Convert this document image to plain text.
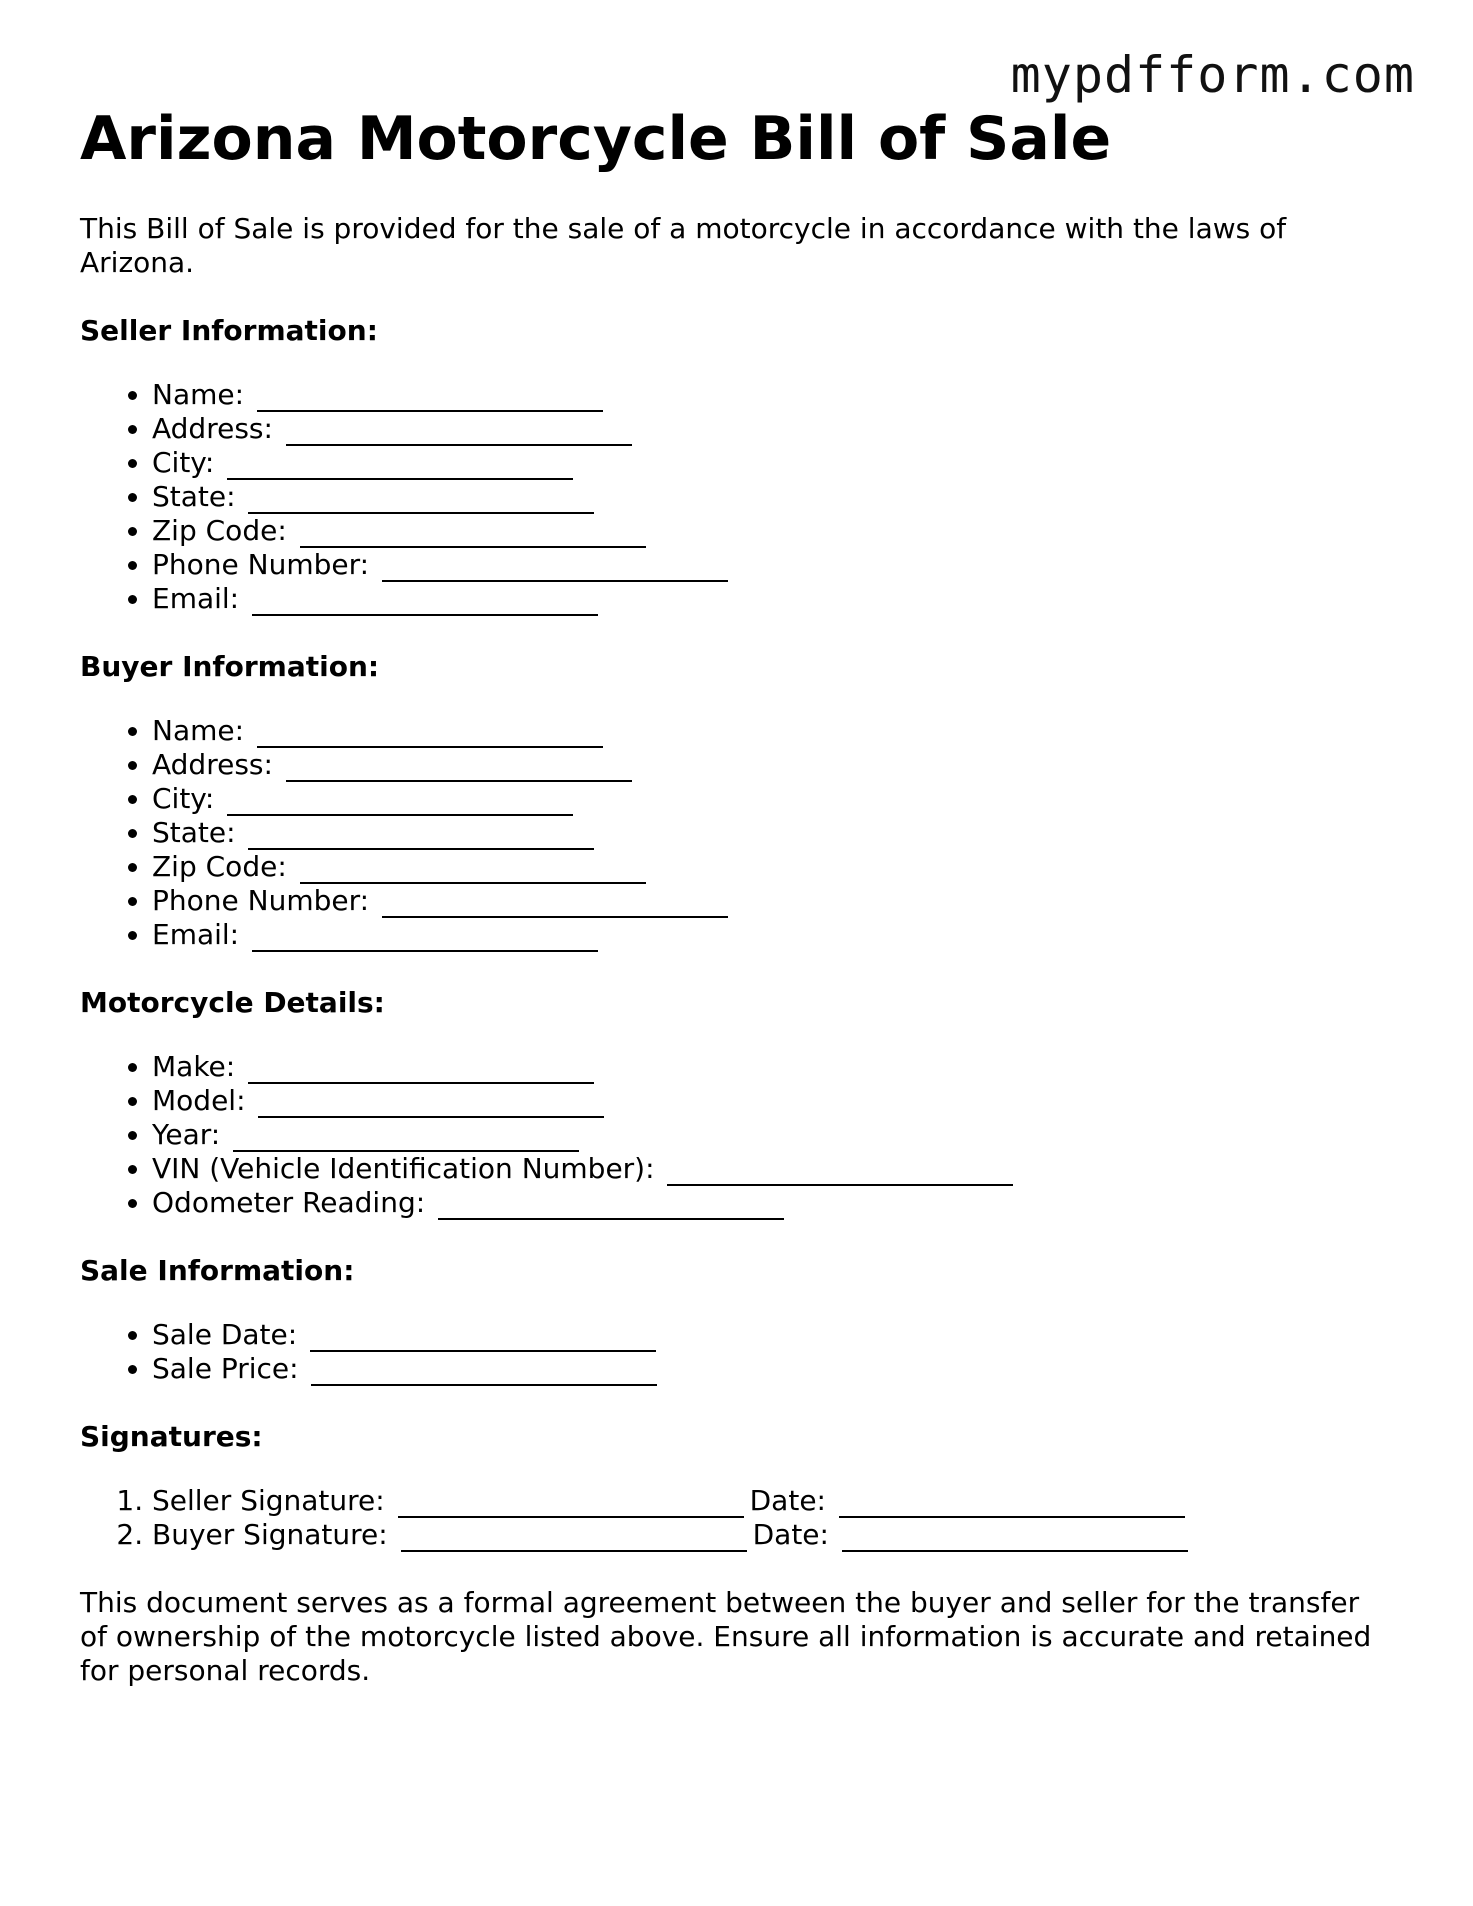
mypdfform.com
Arizona Motorcycle Bill of Sale

This Bill of Sale is provided for the sale of a motorcycle in accordance with the laws of Arizona.

Seller Information:
• Name:
• Address:
• City:
• State:
• Zip Code:
• Phone Number:
• Email:
Buyer Information:
• Name:
• Address:
• City:
• State:
• Zip Code:
• Phone Number:
• Email:
Motorcycle Details:
• Make:
• Model:
• Year:
• VIN (Vehicle Identification Number):
• Odometer Reading:
Sale Information:
• Sale Date:
• Sale Price:
Signatures:
1. Seller Signature:	Date:
2. Buyer Signature:	Date:

This document serves as a formal agreement between the buyer and seller for the transfer of ownership of the motorcycle listed above. Ensure all information is accurate and retained for personal records.
